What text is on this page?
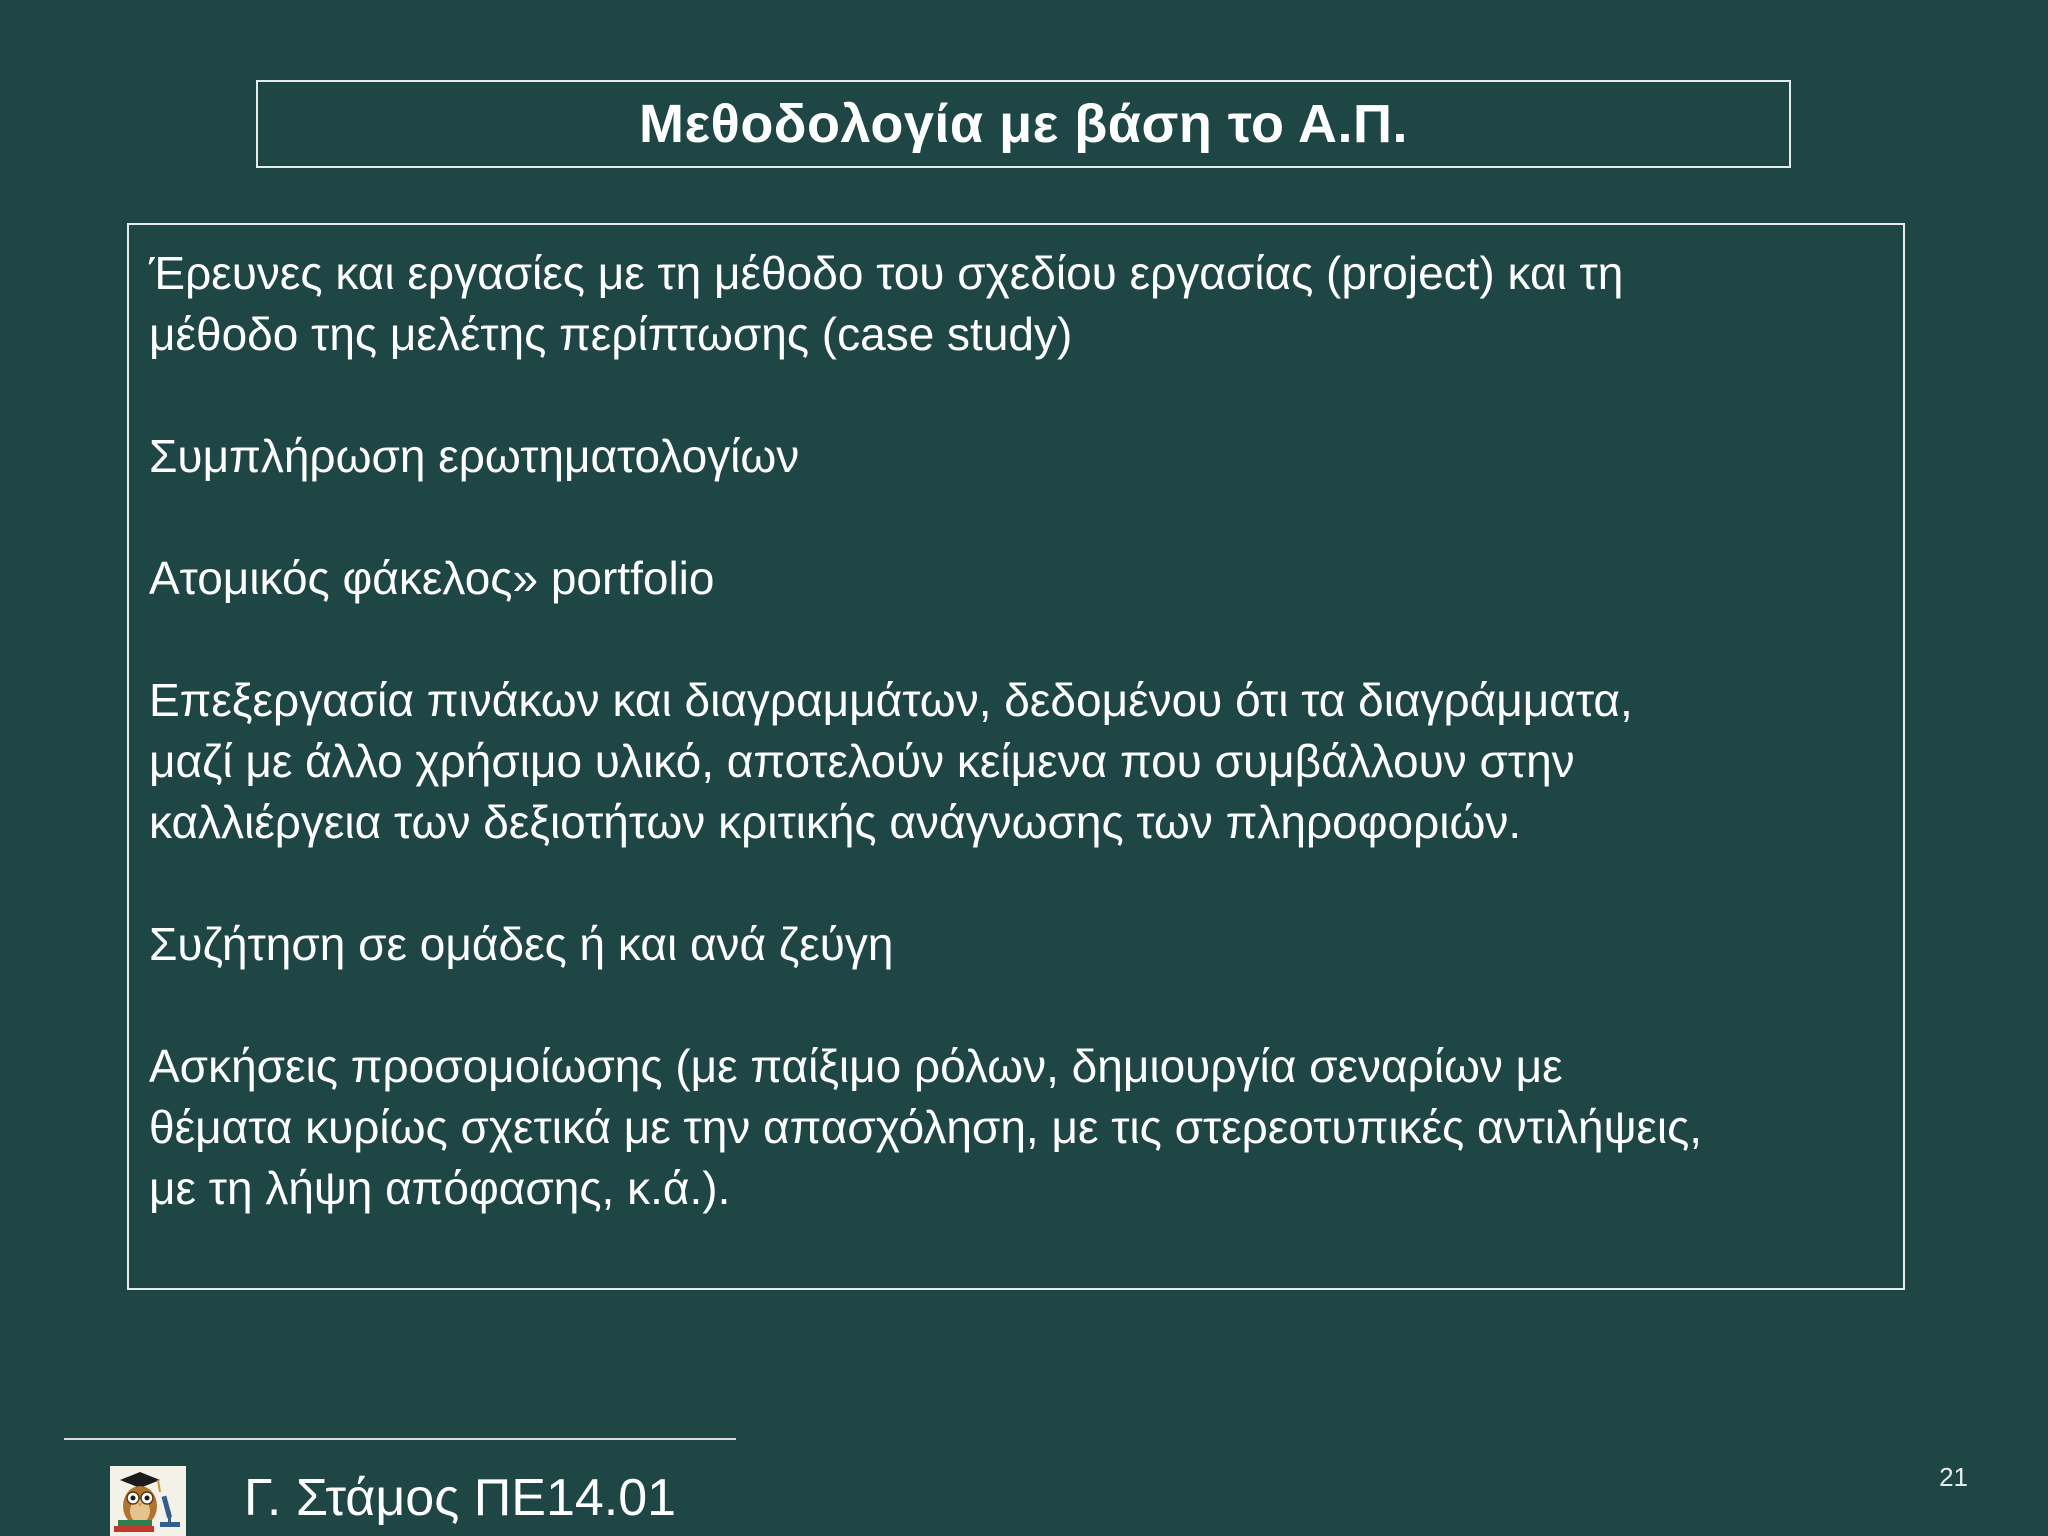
Μεθοδολογία με βάση το Α.Π.

Έρευνες και εργασίες με τη μέθοδο του σχεδίου εργασίας (project) και τη
μέθοδο της μελέτης περίπτωσης (case study)

Συμπλήρωση ερωτηματολογίων

Ατομικός φάκελος» portfolio

Επεξεργασία πινάκων και διαγραμμάτων, δεδομένου ότι τα διαγράμματα,
μαζί με άλλο χρήσιμο υλικό, αποτελούν κείμενα που συμβάλλουν στην
καλλιέργεια των δεξιοτήτων κριτικής ανάγνωσης των πληροφοριών.

Συζήτηση σε ομάδες ή και ανά ζεύγη

Ασκήσεις προσομοίωσης (με παίξιμο ρόλων, δημιουργία σεναρίων με
θέματα κυρίως σχετικά με την απασχόληση, με τις στερεοτυπικές αντιλήψεις,
με τη λήψη απόφασης, κ.ά.).

Γ. Στάμος ΠΕ14.01	21
